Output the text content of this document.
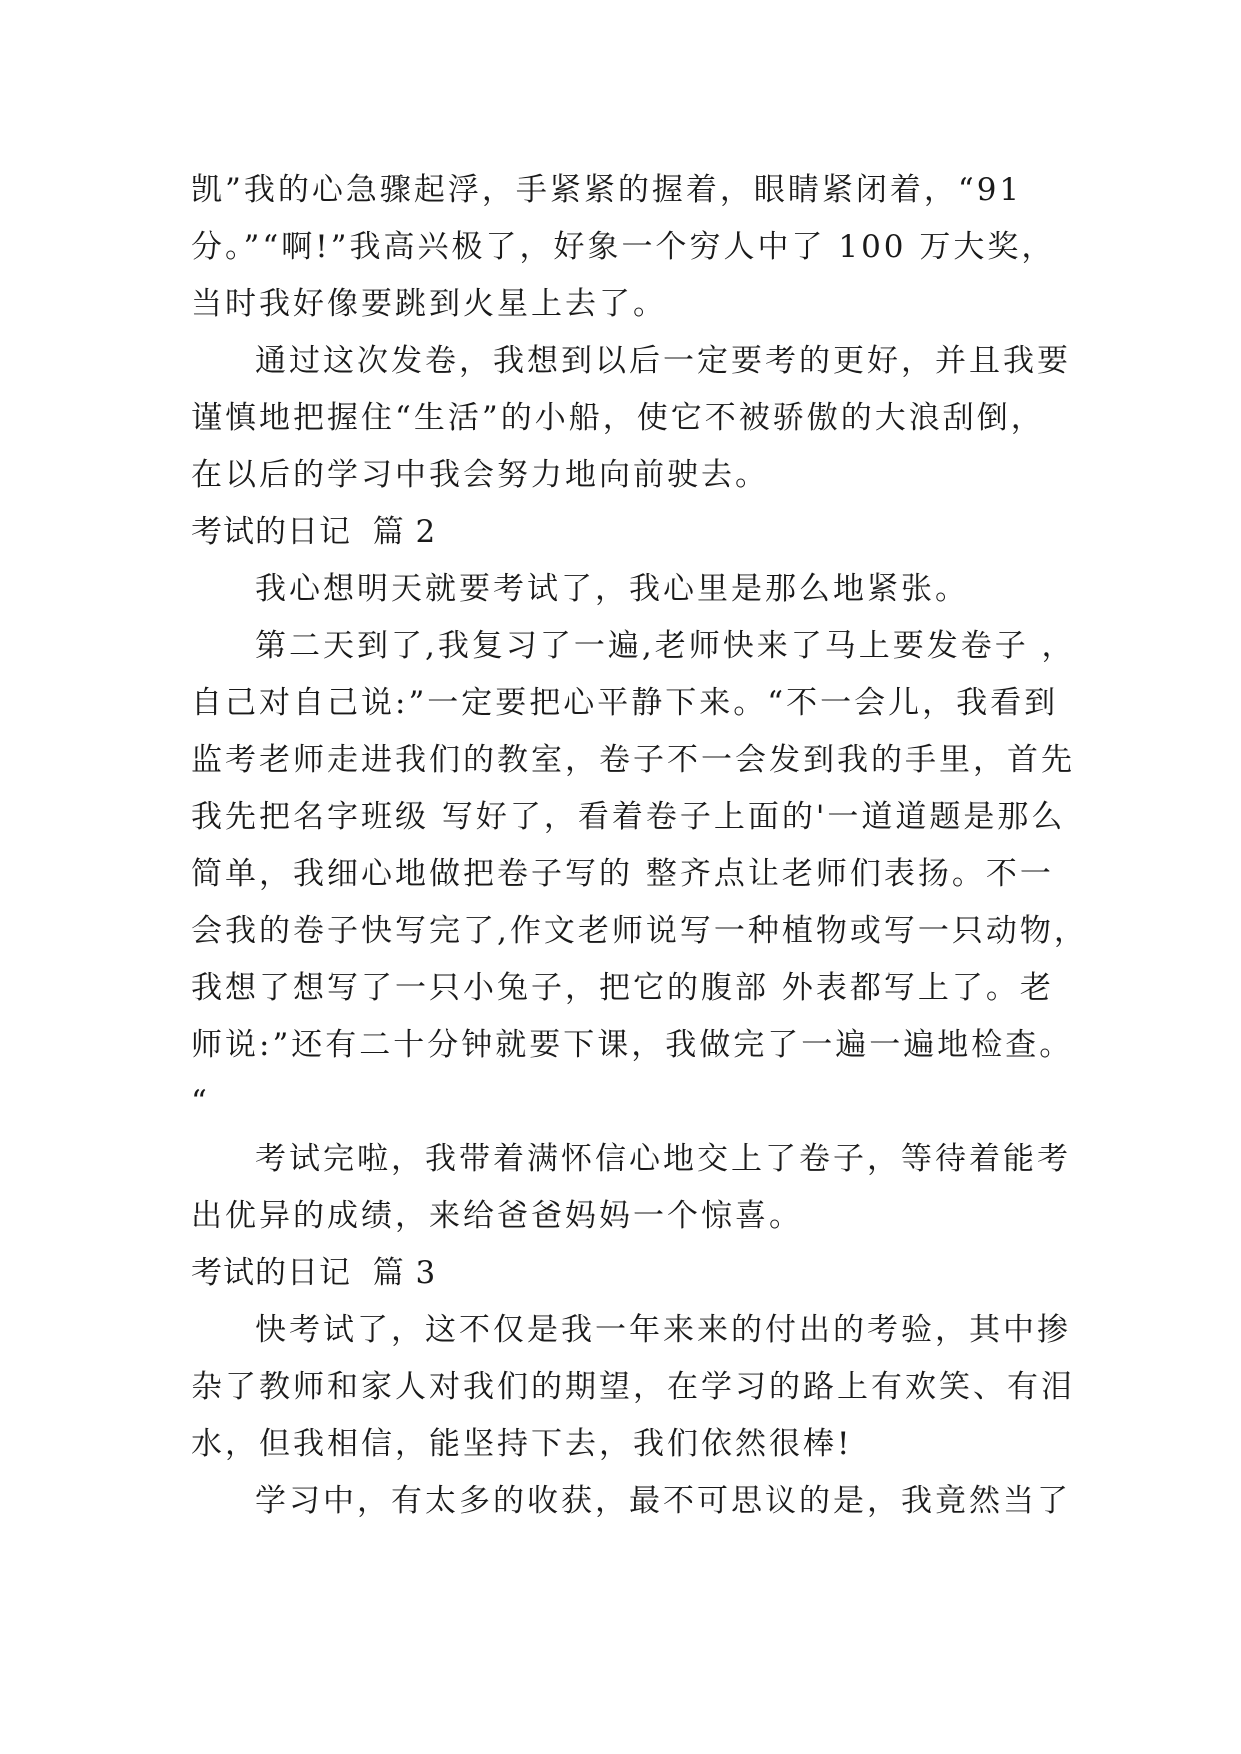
凯”我的心急骤起浮，手紧紧的握着，眼睛紧闭着，“91
分。”“啊!”我高兴极了，好象一个穷人中了 100 万大奖，
当时我好像要跳到火星上去了。
通过这次发卷，我想到以后一定要考的更好，并且我要
谨慎地把握住“生活”的小船，使它不被骄傲的大浪刮倒，
在以后的学习中我会努力地向前驶去。
考试的日记  篇 2
我心想明天就要考试了，我心里是那么地紧张。
第二天到了,我复习了一遍,老师快来了马上要发卷子 ，
自己对自己说:”一定要把心平静下来。“不一会儿，我看到
监考老师走进我们的教室，卷子不一会发到我的手里，首先
我先把名字班级 写好了，看着卷子上面的'一道道题是那么
简单，我细心地做把卷子写的 整齐点让老师们表扬。不一
会我的卷子快写完了,作文老师说写一种植物或写一只动物，
我想了想写了一只小兔子，把它的腹部 外表都写上了。老
师说:”还有二十分钟就要下课，我做完了一遍一遍地检查。
“
考试完啦，我带着满怀信心地交上了卷子，等待着能考
出优异的成绩，来给爸爸妈妈一个惊喜。
考试的日记  篇 3
快考试了，这不仅是我一年来来的付出的考验，其中掺
杂了教师和家人对我们的期望，在学习的路上有欢笑、有泪
水，但我相信，能坚持下去，我们依然很棒!
学习中，有太多的收获，最不可思议的是，我竟然当了
